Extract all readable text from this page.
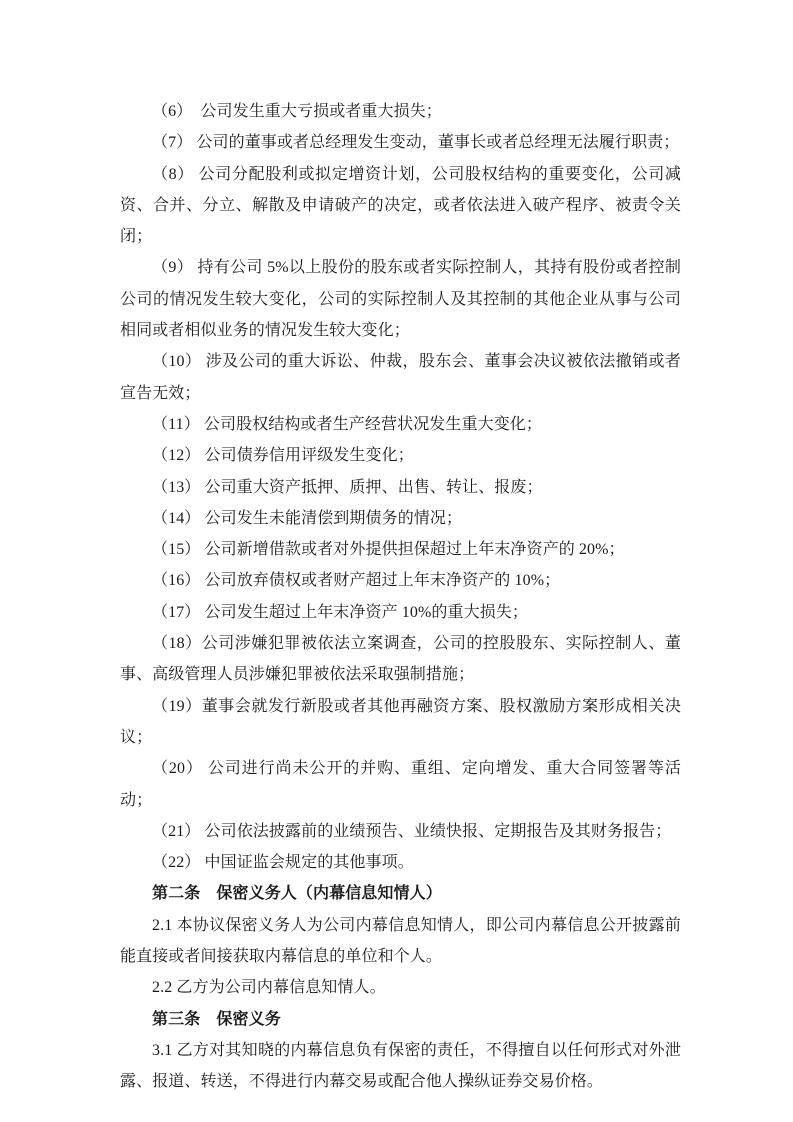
（6）　公司发生重大亏损或者重大损失；

（7） 公司的董事或者总经理发生变动，董事长或者总经理无法履行职责；

（8） 公司分配股利或拟定增资计划，公司股权结构的重要变化，公司减资、合并、分立、解散及申请破产的决定，或者依法进入破产程序、被责令关闭；

（9） 持有公司 5%以上股份的股东或者实际控制人，其持有股份或者控制公司的情况发生较大变化，公司的实际控制人及其控制的其他企业从事与公司相同或者相似业务的情况发生较大变化；

（10） 涉及公司的重大诉讼、仲裁，股东会、董事会决议被依法撤销或者宣告无效；

（11） 公司股权结构或者生产经营状况发生重大变化；

（12） 公司债券信用评级发生变化；

（13） 公司重大资产抵押、质押、出售、转让、报废；

（14） 公司发生未能清偿到期债务的情况；

（15） 公司新增借款或者对外提供担保超过上年末净资产的 20%；

（16） 公司放弃债权或者财产超过上年末净资产的 10%；

（17） 公司发生超过上年末净资产 10%的重大损失；

（18）公司涉嫌犯罪被依法立案调查，公司的控股股东、实际控制人、董事、高级管理人员涉嫌犯罪被依法采取强制措施；

（19）董事会就发行新股或者其他再融资方案、股权激励方案形成相关决议；

（20） 公司进行尚未公开的并购、重组、定向增发、重大合同签署等活动；

（21） 公司依法披露前的业绩预告、业绩快报、定期报告及其财务报告；

（22） 中国证监会规定的其他事项。

第二条　保密义务人（内幕信息知情人）

2.1 本协议保密义务人为公司内幕信息知情人，即公司内幕信息公开披露前能直接或者间接获取内幕信息的单位和个人。

2.2 乙方为公司内幕信息知情人。

第三条　保密义务

3.1 乙方对其知晓的内幕信息负有保密的责任，不得擅自以任何形式对外泄露、报道、转送，不得进行内幕交易或配合他人操纵证券交易价格。
